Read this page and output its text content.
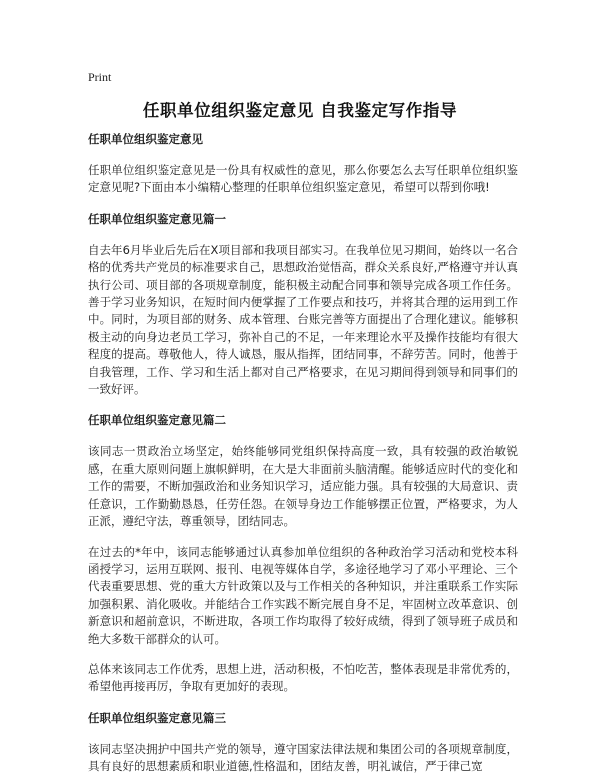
Print
任职单位组织鉴定意见 自我鉴定写作指导
任职单位组织鉴定意见

任职单位组织鉴定意见是一份具有权威性的意见，那么你要怎么去写任职单位组织鉴定意见呢?下面由本小编精心整理的任职单位组织鉴定意见，希望可以帮到你哦!

任职单位组织鉴定意见篇一

自去年6月毕业后先后在X项目部和我项目部实习。在我单位见习期间，始终以一名合格的优秀共产党员的标准要求自己，思想政治觉悟高，群众关系良好,严格遵守并认真执行公司、项目部的各项规章制度，能积极主动配合同事和领导完成各项工作任务。善于学习业务知识，在短时间内便掌握了工作要点和技巧，并将其合理的运用到工作中。同时，为项目部的财务、成本管理、台账完善等方面提出了合理化建议。能够积极主动的向身边老员工学习，弥补自己的不足，一年来理论水平及操作技能均有很大程度的提高。尊敬他人，待人诚恳，服从指挥，团结同事，不辞劳苦。同时，他善于自我管理，工作、学习和生活上都对自己严格要求，在见习期间得到领导和同事们的一致好评。

任职单位组织鉴定意见篇二

该同志一贯政治立场坚定，始终能够同党组织保持高度一致，具有较强的政治敏锐感，在重大原则问题上旗帜鲜明，在大是大非面前头脑清醒。能够适应时代的变化和工作的需要，不断加强政治和业务知识学习，适应能力强。具有较强的大局意识、责任意识，工作勤勤恳恳，任劳任怨。在领导身边工作能够摆正位置，严格要求，为人正派，遵纪守法，尊重领导，团结同志。

在过去的*年中，该同志能够通过认真参加单位组织的各种政治学习活动和党校本科函授学习，运用互联网、报刊、电视等媒体自学，多途径地学习了邓小平理论、三个代表重要思想、党的重大方针政策以及与工作相关的各种知识，并注重联系工作实际加强积累、消化吸收。并能结合工作实践不断完展自身不足，牢固树立改革意识、创新意识和超前意识，不断进取，各项工作均取得了较好成绩，得到了领导班子成员和绝大多数干部群众的认可。

总体来该同志工作优秀，思想上进，活动积极，不怕吃苦，整体表现是非常优秀的，希望他再接再厉，争取有更加好的表现。

任职单位组织鉴定意见篇三

该同志坚决拥护中国共产党的领导，遵守国家法律法规和集团公司的各项规章制度，具有良好的思想素质和职业道德,性格温和，团结友善，明礼诚信，严于律己宽
